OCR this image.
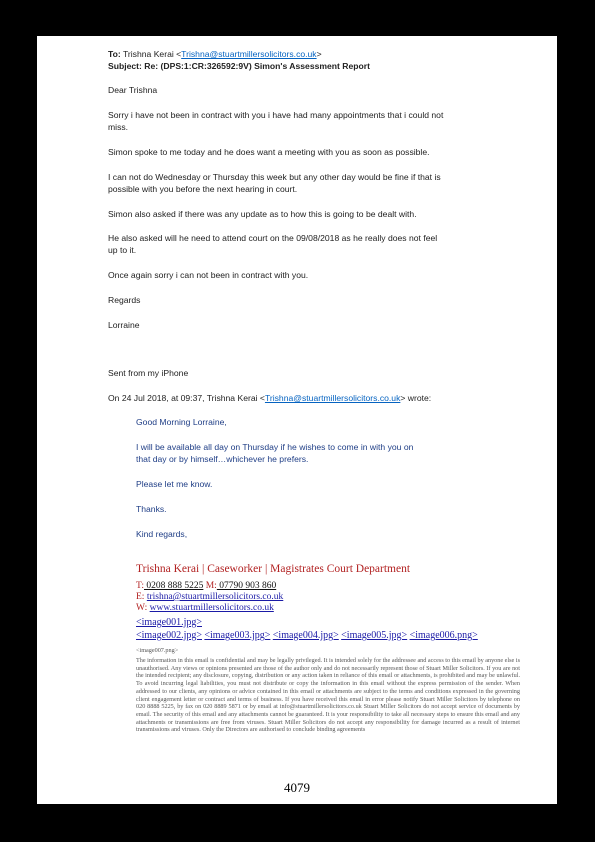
To: Trishna Kerai <Trishna@stuartmillersolicitors.co.uk>
Subject: Re: (DPS:1:CR:326592:9V) Simon's Assessment Report
Dear Trishna
Sorry i have not been in contract with you i have had many appointments that i could not
miss.
Simon spoke to me today and he does want a meeting with you as soon as possible.
I can not do Wednesday or Thursday this week but any other day would be fine if that is
possible with you before the next hearing in court.
Simon also asked if there was any update as to how this is going to be dealt with.
He also asked will he need to attend court on the 09/08/2018 as he really does not feel
up to it.
Once again sorry i can not been in contract with you.
Regards
Lorraine
Sent from my iPhone
On 24 Jul 2018, at 09:37, Trishna Kerai <Trishna@stuartmillersolicitors.co.uk> wrote:
Good Morning Lorraine,
I will be available all day on Thursday if he wishes to come in with you on
that day or by himself…whichever he prefers.
Please let me know.
Thanks.
Kind regards,
Trishna Kerai | Caseworker | Magistrates Court Department
T: 0208 888 5225 M: 07790 903 860
E: trishna@stuartmillersolicitors.co.uk
W: www.stuartmillersolicitors.co.uk
<image001.jpg>
<image002.jpg> <image003.jpg> <image004.jpg> <image005.jpg> <image006.png>
<image007.png>
The information in this email is confidential and may be legally privileged. It is intended solely for the addressee and access to this email by anyone else is unauthorised. Any views or opinions presented are those of the author only and do not necessarily represent those of Stuart Miller Solicitors. If you are not the intended recipient; any disclosure, copying, distribution or any action taken in reliance of this email or attachments, is prohibited and may be unlawful. To avoid incurring legal liabilities, you must not distribute or copy the information in this email without the express permission of the sender. When addressed to our clients, any opinions or advice contained in this email or attachments are subject to the terms and conditions expressed in the governing client engagement letter or contract and terms of business. If you have received this email in error please notify Stuart Miller Solicitors by telephone on 020 8888 5225, by fax on 020 8889 5871 or by email at info@stuartmillersolicitors.co.uk Stuart Miller Solicitors do not accept service of documents by email. The security of this email and any attachments cannot be guaranteed. It is your responsibility to take all necessary steps to ensure this email and any attachments or transmissions are free from viruses. Stuart Miller Solicitors do not accept any responsibility for damage incurred as a result of internet transmissions and viruses. Only the Directors are authorised to conclude binding agreements
4079
